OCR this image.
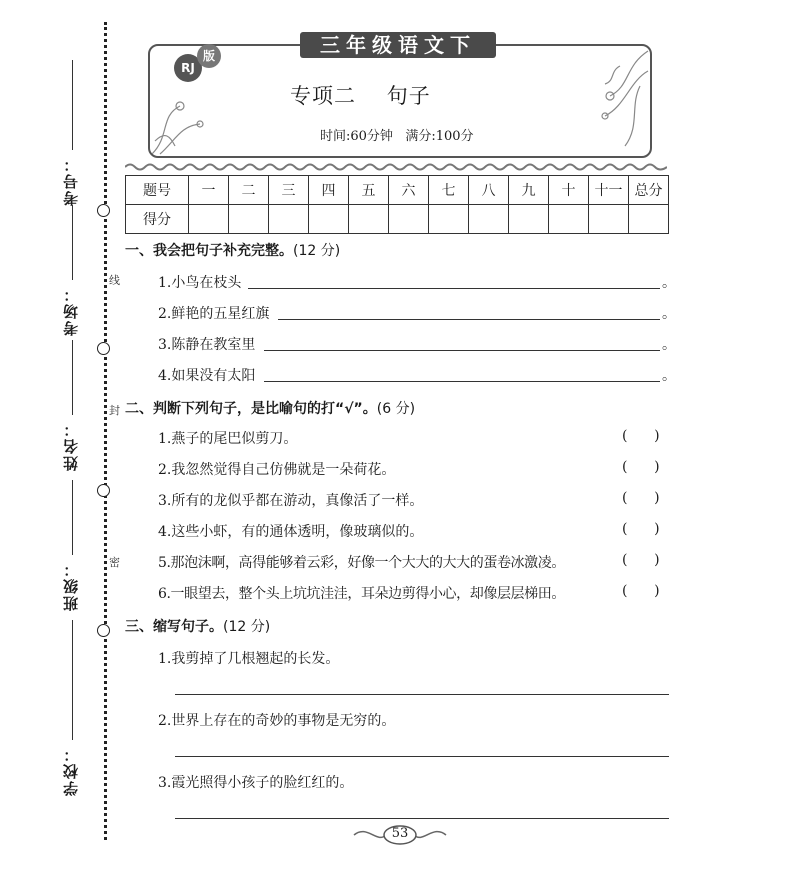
考号：
考场：
姓名：
班级：
学校：
线
封
密
三年级语文下
RJ
版
专项二    句子
时间:60分钟   满分:100分
题号	一	二	三	四	五	六	七	八	九	十	十一	总分
得分												
一、我会把句子补充完整。(12 分)
1.小鸟在枝头	。
2.鲜艳的五星红旗	。
3.陈静在教室里	。
4.如果没有太阳	。
二、判断下列句子，是比喻句的打“√”。(6 分)
1.燕子的尾巴似剪刀。	(      )
2.我忽然觉得自己仿佛就是一朵荷花。	(      )
3.所有的龙似乎都在游动，真像活了一样。	(      )
4.这些小虾，有的通体透明，像玻璃似的。	(      )
5.那泡沫啊，高得能够着云彩，好像一个大大的大大的蛋卷冰激凌。	(      )
6.一眼望去，整个头上坑坑洼洼，耳朵边剪得小心，却像层层梯田。	(      )
三、缩写句子。(12 分)
1.我剪掉了几根翘起的长发。
2.世界上存在的奇妙的事物是无穷的。
3.霞光照得小孩子的脸红红的。
53
